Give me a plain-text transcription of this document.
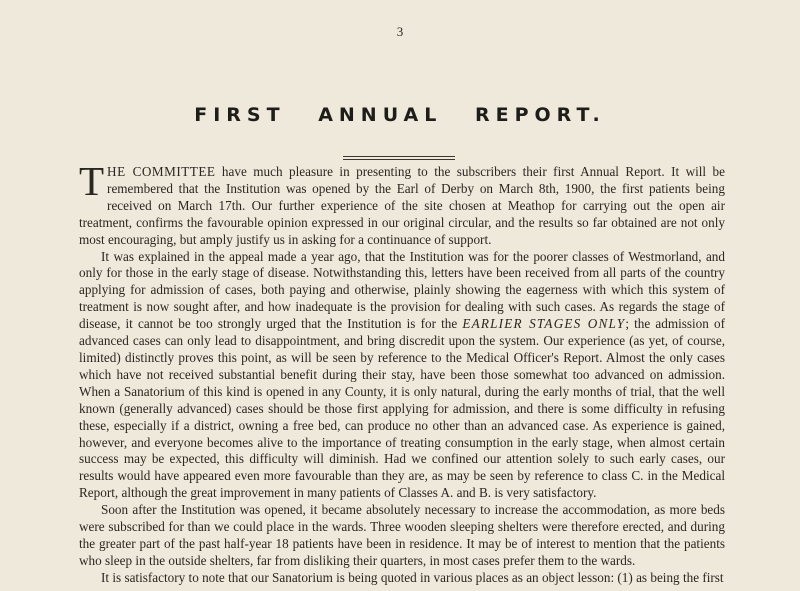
3
FIRST ANNUAL REPORT.

THE COMMITTEE have much pleasure in presenting to the subscribers their first Annual Report. It will be remembered that the Institution was opened by the Earl of Derby on March 8th, 1900, the first patients being received on March 17th. Our further experience of the site chosen at Meathop for carrying out the open air treatment, confirms the favourable opinion expressed in our original circular, and the results so far obtained are not only most encouraging, but amply justify us in asking for a continuance of support.

It was explained in the appeal made a year ago, that the Institution was for the poorer classes of Westmorland, and only for those in the early stage of disease. Notwithstanding this, letters have been received from all parts of the country applying for admission of cases, both paying and otherwise, plainly showing the eagerness with which this system of treatment is now sought after, and how inadequate is the provision for dealing with such cases. As regards the stage of disease, it cannot be too strongly urged that the Institution is for the EARLIER STAGES ONLY; the admission of advanced cases can only lead to disappointment, and bring discredit upon the system. Our experience (as yet, of course, limited) distinctly proves this point, as will be seen by reference to the Medical Officer's Report. Almost the only cases which have not received substantial benefit during their stay, have been those somewhat too advanced on admission. When a Sanatorium of this kind is opened in any County, it is only natural, during the early months of trial, that the well known (generally advanced) cases should be those first applying for admission, and there is some difficulty in refusing these, especially if a district, owning a free bed, can produce no other than an advanced case. As experience is gained, however, and everyone becomes alive to the importance of treating consumption in the early stage, when almost certain success may be expected, this difficulty will diminish. Had we confined our attention solely to such early cases, our results would have appeared even more favourable than they are, as may be seen by reference to class C. in the Medical Report, although the great improvement in many patients of Classes A. and B. is very satisfactory.

Soon after the Institution was opened, it became absolutely necessary to increase the accommodation, as more beds were subscribed for than we could place in the wards. Three wooden sleeping shelters were therefore erected, and during the greater part of the past half-year 18 patients have been in residence. It may be of interest to mention that the patients who sleep in the outside shelters, far from disliking their quarters, in most cases prefer them to the wards.

It is satisfactory to note that our Sanatorium is being quoted in various places as an object lesson: (1) as being the first
